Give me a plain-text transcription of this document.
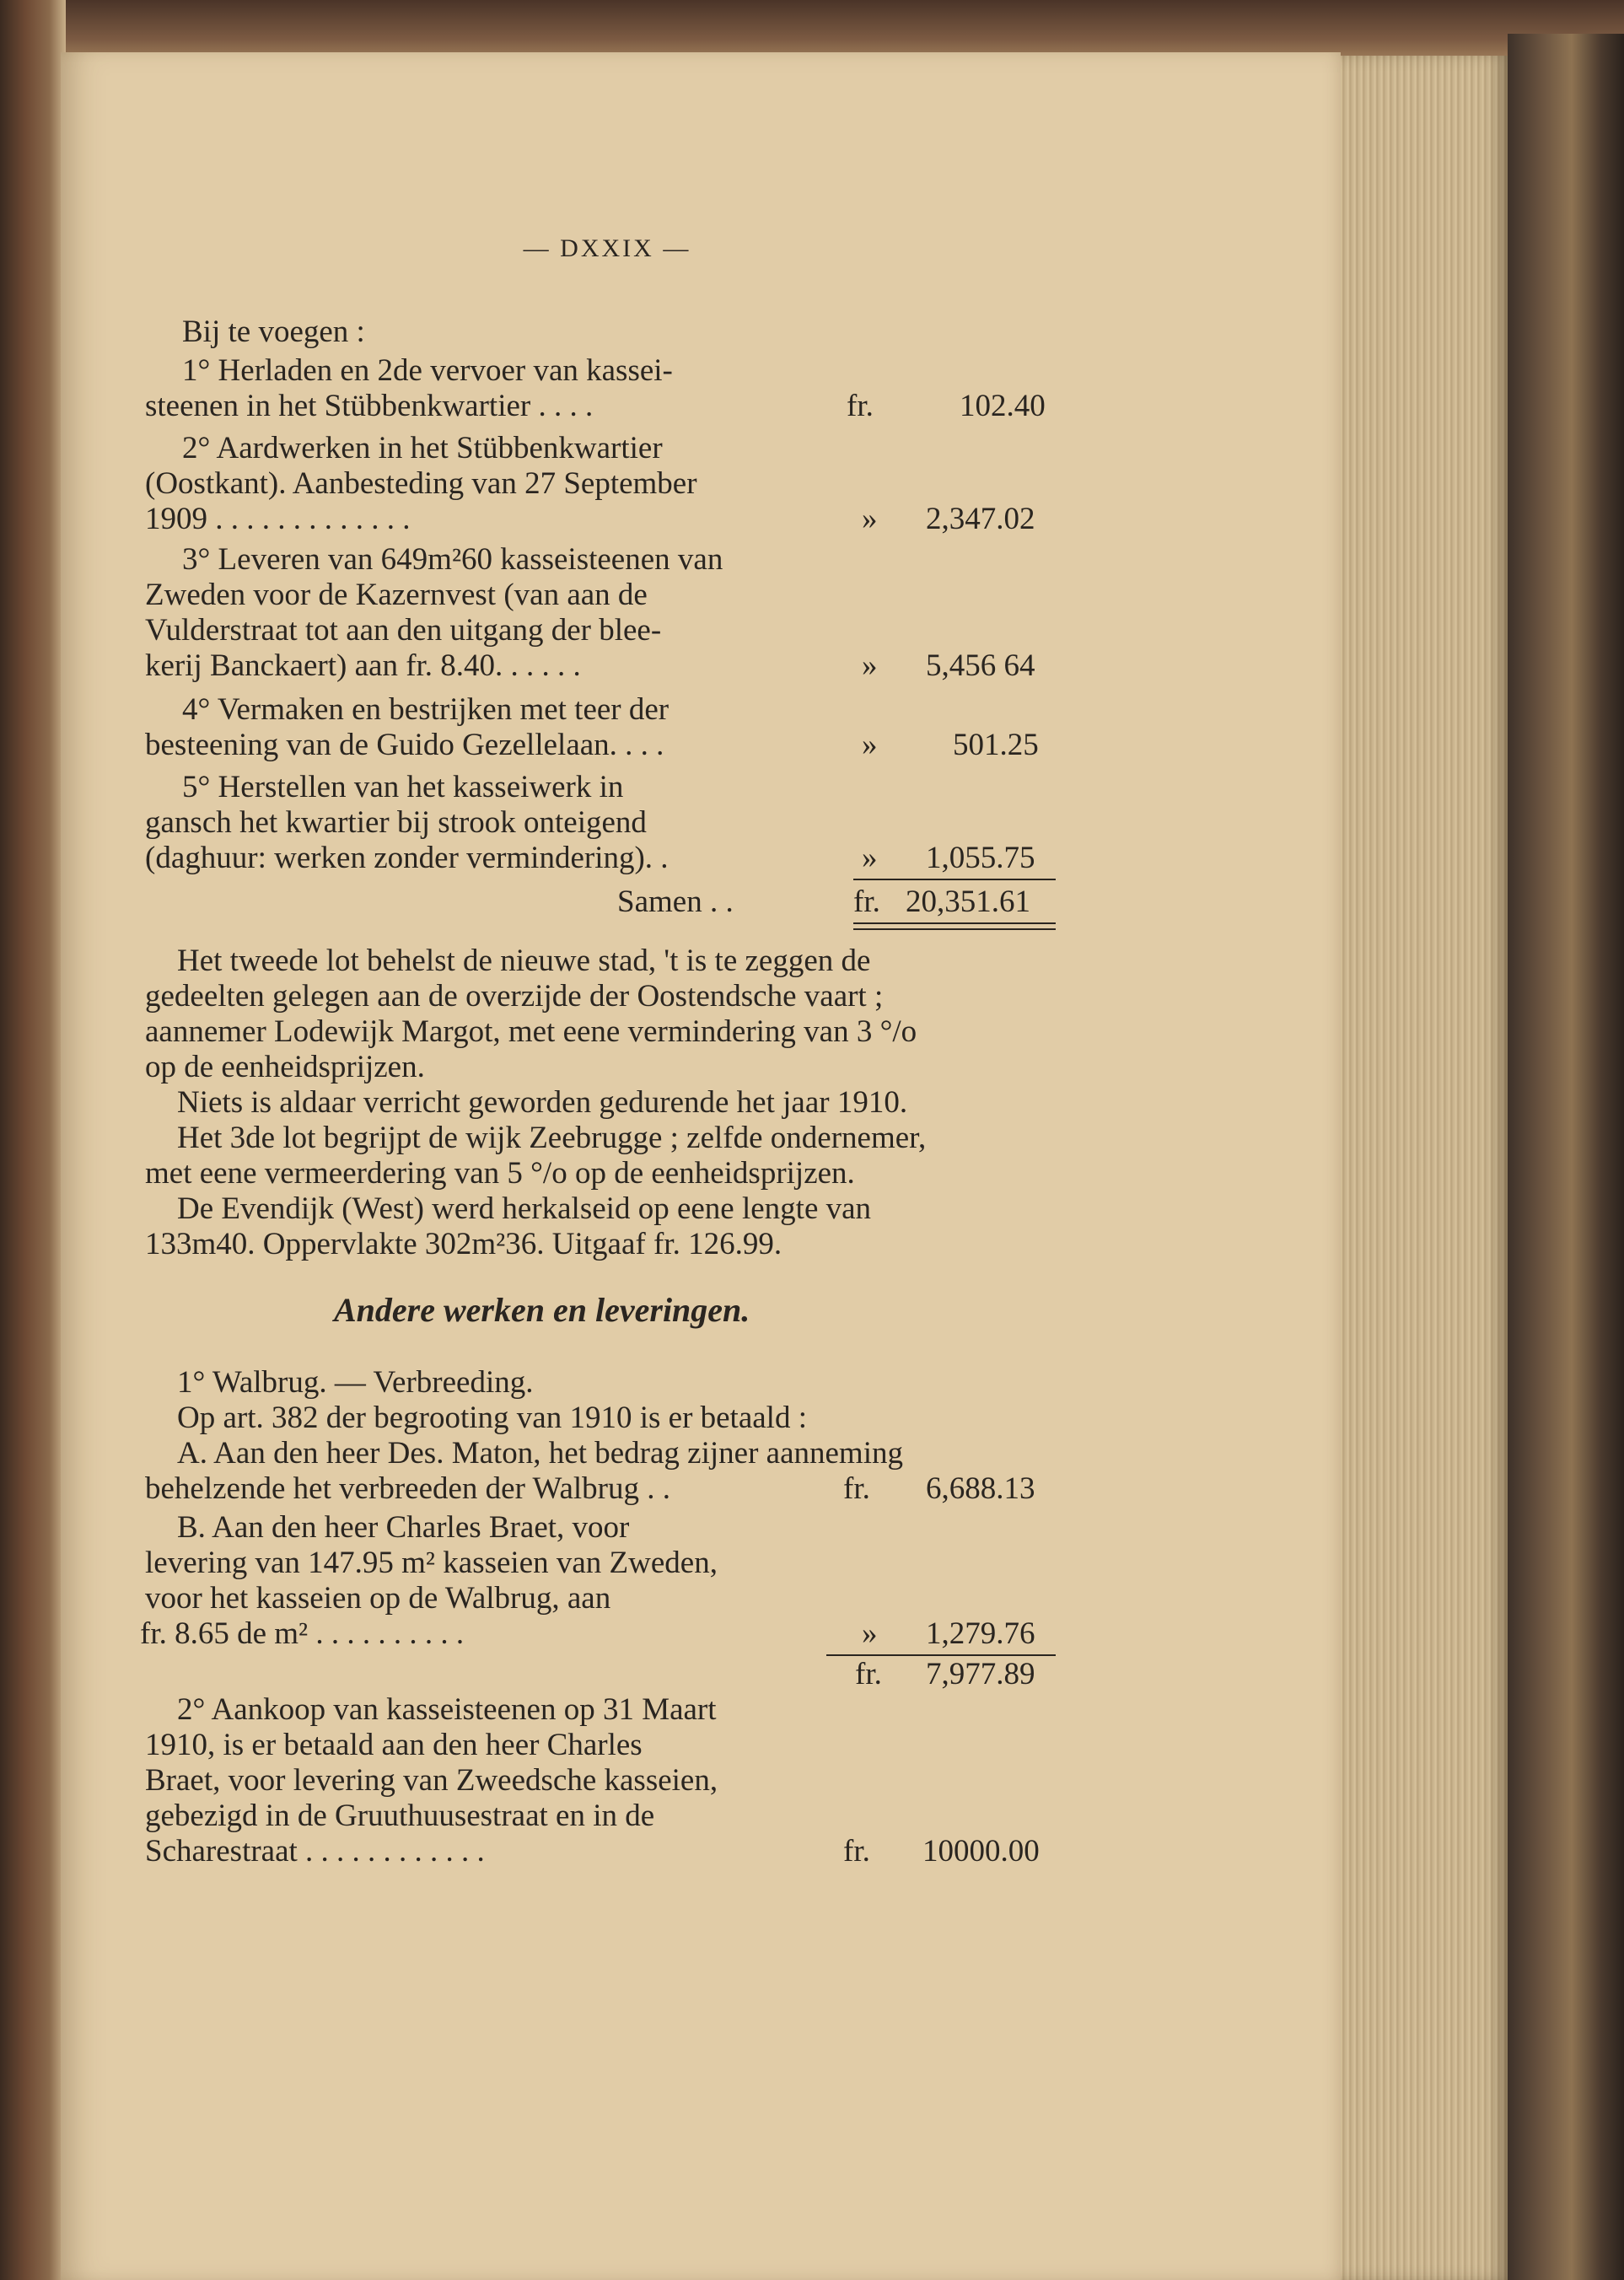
— DXXIX —
Bij te voegen :
1° Herladen en 2de vervoer van kassei-
steenen in het Stübbenkwartier . . . .	fr.	102.40
2° Aardwerken in het Stübbenkwartier
(Oostkant). Aanbesteding van 27 September
1909 . . . . . . . . . . . . .	» 2,347.02
3° Leveren van 649m²60 kasseisteenen van
Zweden voor de Kazernvest (van aan de
Vulderstraat tot aan den uitgang der blee-
kerij Banckaert) aan fr. 8.40. . . . . .	» 5,456 64
4° Vermaken en bestrijken met teer der
besteening van de Guido Gezellelaan. . . .	» 501.25
5° Herstellen van het kasseiwerk in
gansch het kwartier bij strook onteigend
(daghuur: werken zonder vermindering). .	» 1,055.75
Samen . .	fr. 20,351.61
Het tweede lot behelst de nieuwe stad, 't is te zeggen de
gedeelten gelegen aan de overzijde der Oostendsche vaart ;
aannemer Lodewijk Margot, met eene vermindering van 3 °/o
op de eenheidsprijzen.
Niets is aldaar verricht geworden gedurende het jaar 1910.
Het 3de lot begrijpt de wijk Zeebrugge ; zelfde ondernemer,
met eene vermeerdering van 5 °/o op de eenheidsprijzen.
De Evendijk (West) werd herkalseid op eene lengte van
133m40. Oppervlakte 302m²36. Uitgaaf fr. 126.99.
Andere werken en leveringen.
1° Walbrug. — Verbreeding.
Op art. 382 der begrooting van 1910 is er betaald :
A. Aan den heer Des. Maton, het bedrag zijner aanneming
behelzende het verbreeden der Walbrug . .	fr. 6,688.13
B. Aan den heer Charles Braet, voor
levering van 147.95 m² kasseien van Zweden,
voor het kasseien op de Walbrug, aan
fr. 8.65 de m² . . . . . . . . . .	» 1,279.76
fr. 7,977.89
2° Aankoop van kasseisteenen op 31 Maart
1910, is er betaald aan den heer Charles
Braet, voor levering van Zweedsche kasseien,
gebezigd in de Gruuthuusestraat en in de
Scharestraat . . . . . . . . . . . .	fr. 10000.00
